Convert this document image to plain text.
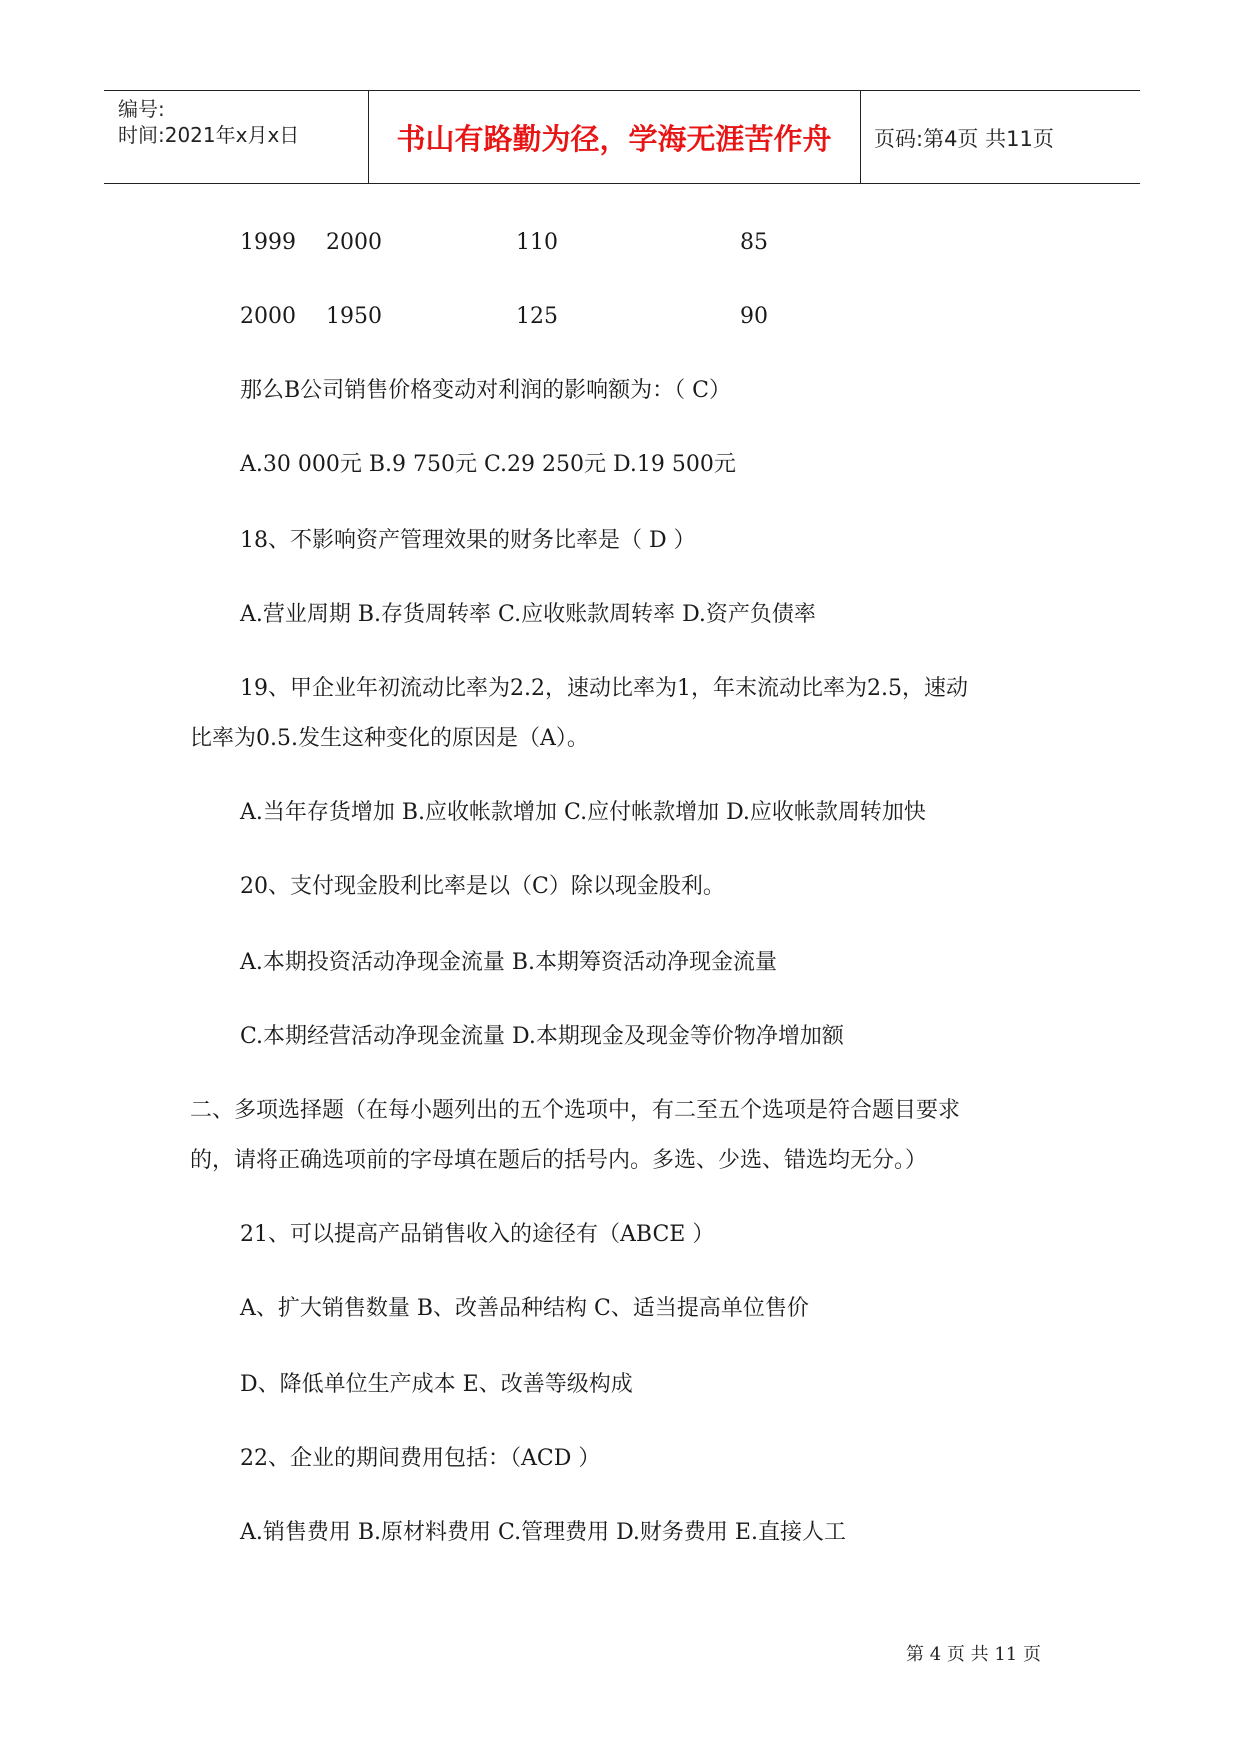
编号:
时间:2021年x月x日	书山有路勤为径，学海无涯苦作舟	页码:第4页 共11页
1999 2000	110	85
2000 1950	125	90
那么B公司销售价格变动对利润的影响额为：（ C）
A.30 000元 B.9 750元 C.29 250元 D.19 500元
18、不影响资产管理效果的财务比率是（ D ）
A.营业周期 B.存货周转率 C.应收账款周转率 D.资产负债率
19、甲企业年初流动比率为2.2，速动比率为1，年末流动比率为2.5，速动
比率为0.5.发生这种变化的原因是（A）。
A.当年存货增加 B.应收帐款增加 C.应付帐款增加 D.应收帐款周转加快
20、支付现金股利比率是以（C）除以现金股利。
A.本期投资活动净现金流量 B.本期筹资活动净现金流量
C.本期经营活动净现金流量 D.本期现金及现金等价物净增加额
二、多项选择题（在每小题列出的五个选项中，有二至五个选项是符合题目要求
的，请将正确选项前的字母填在题后的括号内。多选、少选、错选均无分。）
21、可以提高产品销售收入的途径有（ABCE ）
A、扩大销售数量 B、改善品种结构 C、适当提高单位售价
D、降低单位生产成本 E、改善等级构成
22、企业的期间费用包括：（ACD ）
A.销售费用 B.原材料费用 C.管理费用 D.财务费用 E.直接人工
第 4 页 共 11 页
